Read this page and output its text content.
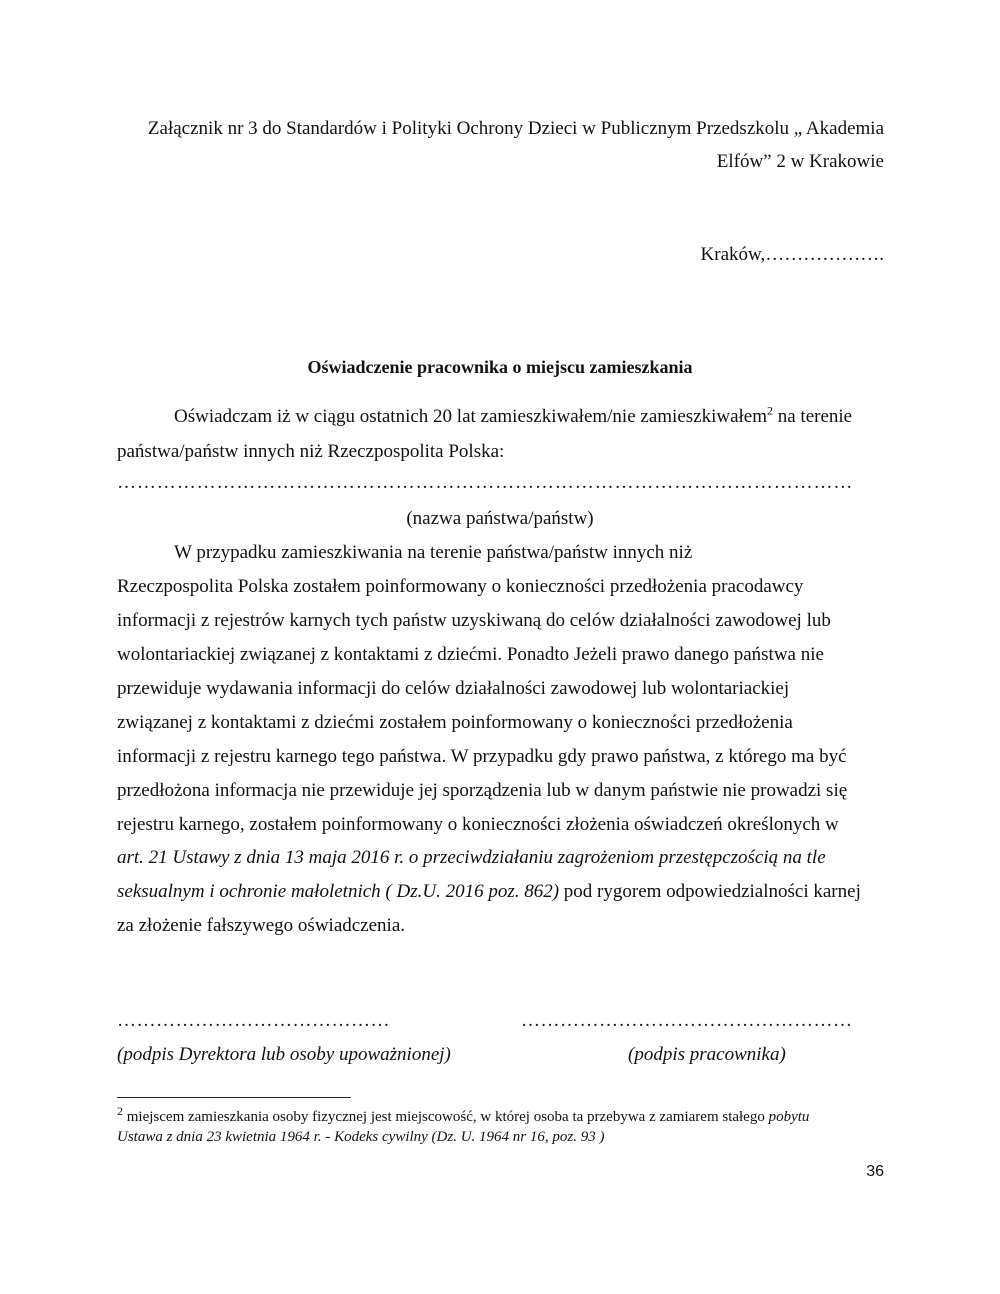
Załącznik nr 3 do Standardów i Polityki Ochrony Dzieci w Publicznym Przedszkolu „ Akademia
Elfów” 2 w Krakowie
Kraków,……………….
Oświadczenie pracownika o miejscu zamieszkania
Oświadczam iż w ciągu ostatnich 20 lat zamieszkiwałem/nie zamieszkiwałem$^2$ na terenie
państwa/państw innych niż Rzeczpospolita Polska:
…………………………………………………………………………………………………
(nazwa państwa/państw)
W przypadku zamieszkiwania na terenie państwa/państw innych niż
Rzeczpospolita Polska zostałem poinformowany o konieczności przedłożenia pracodawcy
informacji z rejestrów karnych tych państw uzyskiwaną do celów działalności zawodowej lub
wolontariackiej związanej z kontaktami z dziećmi. Ponadto Jeżeli prawo danego państwa nie
przewiduje wydawania informacji do celów działalności zawodowej lub wolontariackiej
związanej z kontaktami z dziećmi zostałem poinformowany o konieczności przedłożenia
informacji z rejestru karnego tego państwa. W przypadku gdy prawo państwa, z którego ma być
przedłożona informacja nie przewiduje jej sporządzenia lub w danym państwie nie prowadzi się
rejestru karnego, zostałem poinformowany o konieczności złożenia oświadczeń określonych w
art. 21 Ustawy z dnia 13 maja 2016 r. o przeciwdziałaniu zagrożeniom przestępczością na tle
seksualnym i ochronie małoletnich ( Dz.U. 2016 poz. 862) pod rygorem odpowiedzialności karnej
za złożenie fałszywego oświadczenia.
……………………………………
(podpis Dyrektora lub osoby upoważnionej)
……………………………………………
(podpis pracownika)
$^2$ miejscem zamieszkania osoby fizycznej jest miejscowość, w której osoba ta przebywa z zamiarem stałego pobytu
Ustawa z dnia 23 kwietnia 1964 r. - Kodeks cywilny (Dz. U. 1964 nr 16, poz. 93 )
36
